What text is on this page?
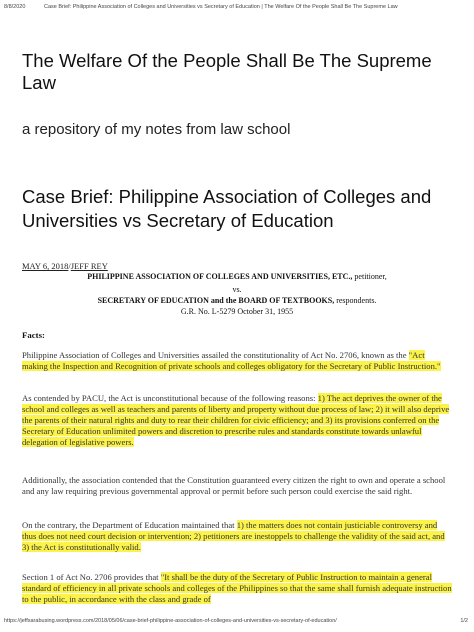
8/8/2020	Case Brief: Philippine Association of Colleges and Universities vs Secretary of Education | The Welfare Of the People Shall Be The Supreme Law
The Welfare Of the People Shall Be The Supreme Law
a repository of my notes from law school
Case Brief: Philippine Association of Colleges and Universities vs Secretary of Education
MAY 6, 2018/JEFF REY
PHILIPPINE ASSOCIATION OF COLLEGES AND UNIVERSITIES, ETC., petitioner,
vs.
SECRETARY OF EDUCATION and the BOARD OF TEXTBOOKS, respondents.
G.R. No. L-5279 October 31, 1955
Facts:
Philippine Association of Colleges and Universities assailed the constitutionality of Act No. 2706, known as the "Act making the Inspection and Recognition of private schools and colleges obligatory for the Secretary of Public Instruction."
As contended by PACU, the Act is unconstitutional because of the following reasons: 1) The act deprives the owner of the school and colleges as well as teachers and parents of liberty and property without due process of law; 2) it will also deprive the parents of their natural rights and duty to rear their children for civic efficiency; and 3) its provisions conferred on the Secretary of Education unlimited powers and discretion to prescribe rules and standards constitute towards unlawful delegation of legislative powers.
Additionally, the association contended that the Constitution guaranteed every citizen the right to own and operate a school and any law requiring previous governmental approval or permit before such person could exercise the said right.
On the contrary, the Department of Education maintained that 1) the matters does not contain justiciable controversy and thus does not need court decision or intervention; 2) petitioners are inestoppels to challenge the validity of the said act, and 3) the Act is constitutionally valid.
Section 1 of Act No. 2706 provides that "It shall be the duty of the Secretary of Public Instruction to maintain a general standard of efficiency in all private schools and colleges of the Philippines so that the same shall furnish adequate instruction to the public, in accordance with the class and grade of
https://jeffsarabusing.wordpress.com/2018/05/06/case-brief-philippine-association-of-colleges-and-universities-vs-secretary-of-education/	1/2
